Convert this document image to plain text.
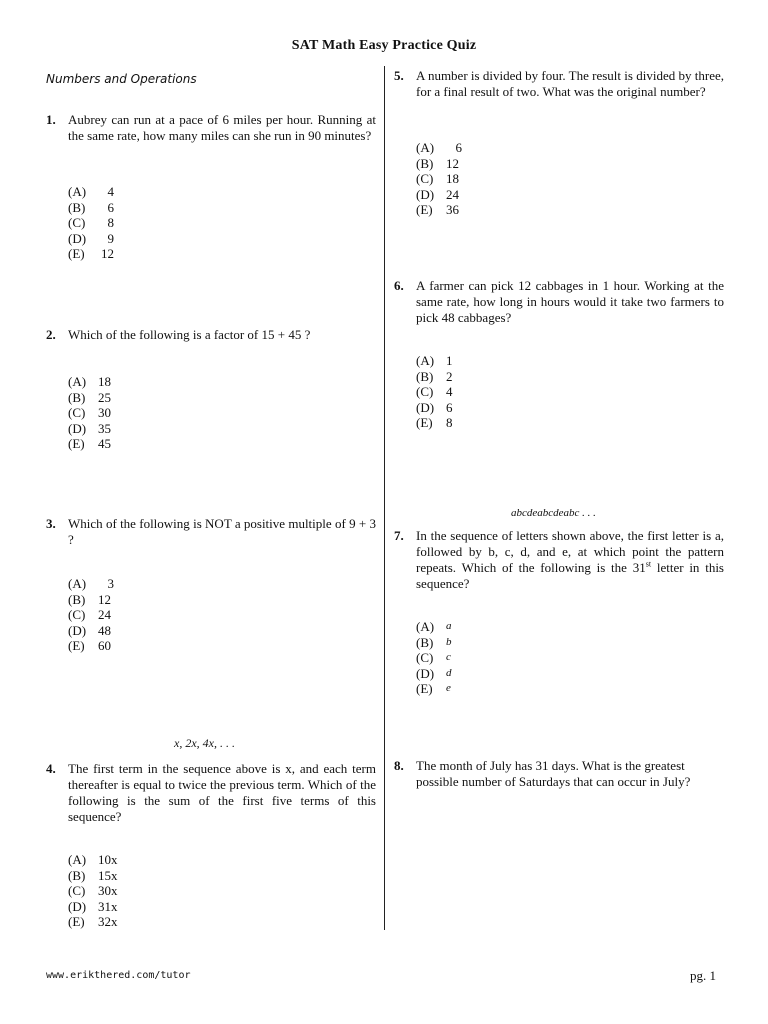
SAT Math Easy Practice Quiz
Numbers and Operations
1. Aubrey can run at a pace of 6 miles per hour. Running at the same rate, how many miles can she run in 90 minutes?
(A)	4
(B)	6
(C)	8
(D)	9
(E)	12
2. Which of the following is a factor of 15 + 45 ?
(A) 18
(B) 25
(C) 30
(D) 35
(E)	45
3. Which of the following is NOT a positive multiple of 9 + 3 ?
(A)	3
(B) 12
(C) 24
(D) 48
(E)	60
x, 2x, 4x, . . .
4. The first term in the sequence above is x, and each term thereafter is equal to twice the previous term. Which of the following is the sum of the first five terms of this sequence?
(A) 10x
(B) 15x
(C) 30x
(D) 31x
(E)	32x
5. A number is divided by four. The result is divided by three, for a final result of two. What was the original number?
(A)	6
(B) 12
(C) 18
(D) 24
(E)	36
6. A farmer can pick 12 cabbages in 1 hour. Working at the same rate, how long in hours would it take two farmers to pick 48 cabbages?
(A) 1
(B) 2
(C) 4
(D) 6
(E)	8
abcdeabcdeabc . . .
7. In the sequence of letters shown above, the first letter is a, followed by b, c, d, and e, at which point the pattern repeats. Which of the following is the 31st letter in this sequence?
(A)	a
(B)	b
(C)	c
(D)	d
(E)	e
8. The month of July has 31 days. What is the greatest possible number of Saturdays that can occur in July?
www.erikthered.com/tutor	pg. 1
